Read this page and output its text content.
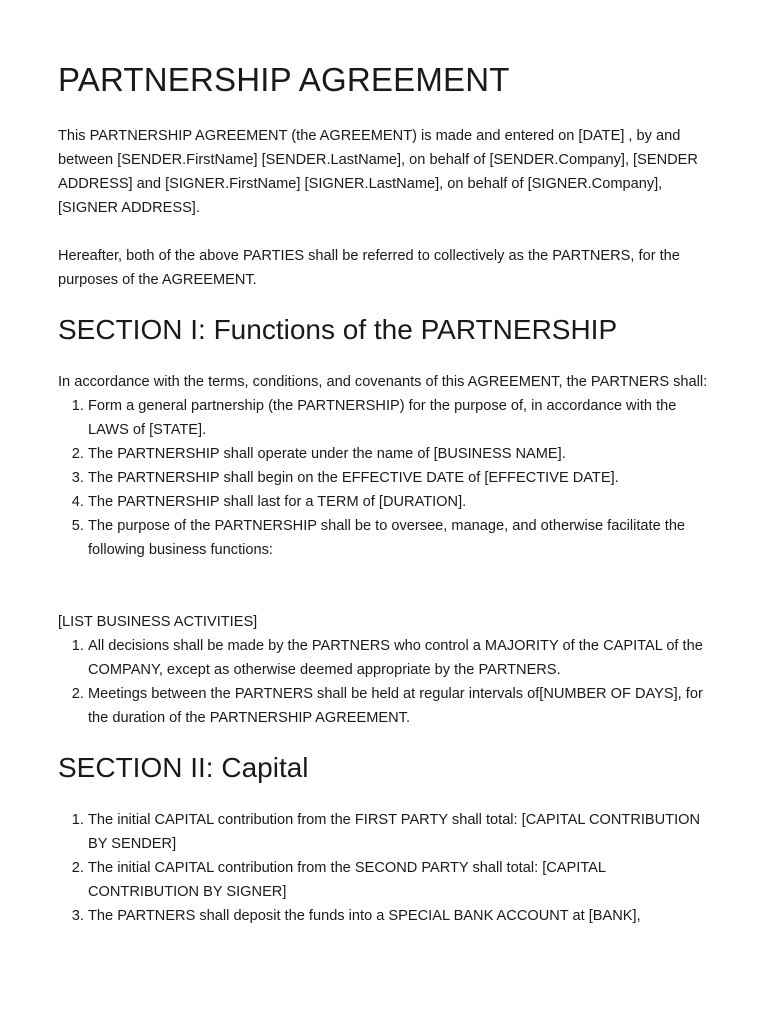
PARTNERSHIP AGREEMENT

This PARTNERSHIP AGREEMENT (the AGREEMENT) is made and entered on [DATE] , by and between [SENDER.FirstName] [SENDER.LastName], on behalf of [SENDER.Company], [SENDER ADDRESS] and [SIGNER.FirstName] [SIGNER.LastName], on behalf of [SIGNER.Company], [SIGNER ADDRESS].

Hereafter, both of the above PARTIES shall be referred to collectively as the PARTNERS, for the purposes of the AGREEMENT.

SECTION I: Functions of the PARTNERSHIP

In accordance with the terms, conditions, and covenants of this AGREEMENT, the PARTNERS shall:

1. Form a general partnership (the PARTNERSHIP) for the purpose of, in accordance with the LAWS of [STATE].
2. The PARTNERSHIP shall operate under the name of [BUSINESS NAME].
3. The PARTNERSHIP shall begin on the EFFECTIVE DATE of [EFFECTIVE DATE].
4. The PARTNERSHIP shall last for a TERM of [DURATION].
5. The purpose of the PARTNERSHIP shall be to oversee, manage, and otherwise facilitate the following business functions:

[LIST BUSINESS ACTIVITIES]

1. All decisions shall be made by the PARTNERS who control a MAJORITY of the CAPITAL of the COMPANY, except as otherwise deemed appropriate by the PARTNERS.
2. Meetings between the PARTNERS shall be held at regular intervals of[NUMBER OF DAYS], for the duration of the PARTNERSHIP AGREEMENT.
SECTION II: Capital
1. The initial CAPITAL contribution from the FIRST PARTY shall total: [CAPITAL CONTRIBUTION BY SENDER]
2. The initial CAPITAL contribution from the SECOND PARTY shall total: [CAPITAL CONTRIBUTION BY SIGNER]
3. The PARTNERS shall deposit the funds into a SPECIAL BANK ACCOUNT at [BANK],
